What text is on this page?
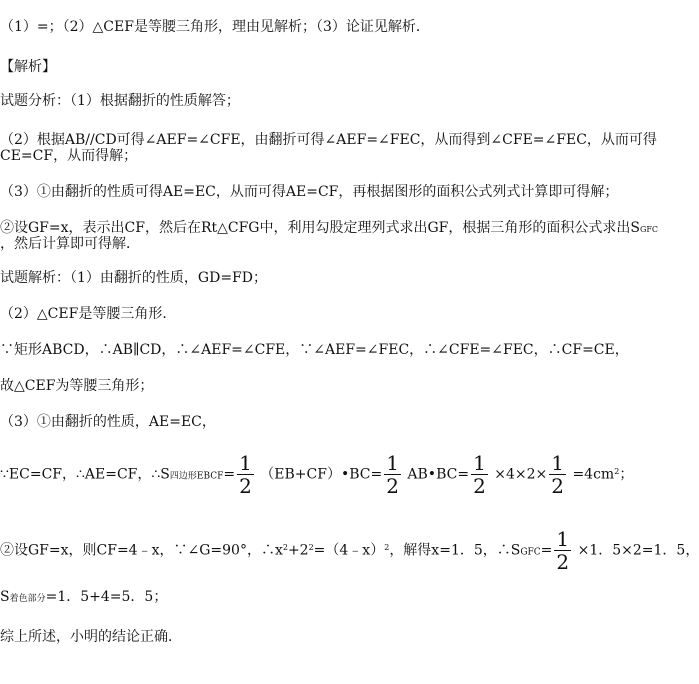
（1）=；（2）△CEF是等腰三角形，理由见解析；（3）论证见解析．
【解析】
试题分析：（1）根据翻折的性质解答；
（2）根据AB//CD可得∠AEF=∠CFE，由翻折可得∠AEF=∠FEC，从而得到∠CFE=∠FEC，从而可得
CE=CF，从而得解；
（3）①由翻折的性质可得AE=EC，从而可得AE=CF，再根据图形的面积公式列式计算即可得解；
②设GF=x，表示出CF，然后在Rt△CFG中，利用勾股定理列式求出GF，根据三角形的面积公式求出SGFC
，然后计算即可得解．
试题解析：（1）由翻折的性质，GD=FD；
（2）△CEF是等腰三角形．
∵矩形ABCD，∴AB∥CD，∴∠AEF=∠CFE，∵∠AEF=∠FEC，∴∠CFE=∠FEC，∴CF=CE，
故△CEF为等腰三角形；
（3）①由翻折的性质，AE=EC，
∵EC=CF，∴AE=CF，∴S四边形EBCF= $\frac{1}{2}$ （EB+CF）•BC= $\frac{1}{2}$ AB•BC= $\frac{1}{2} \times 4\times 2\times \frac{1}{2} =4cm^2$；
②设GF=x，则CF=4﹣x，∵∠G=90°，$\therefore x^2+2^2=(4﹣x)^2$，解得x=1．5，∴SGFC= $\frac{1}{2} \times 1$．5×2=1．5，
S着色部分=1．5+4=5．5；
综上所述，小明的结论正确．
